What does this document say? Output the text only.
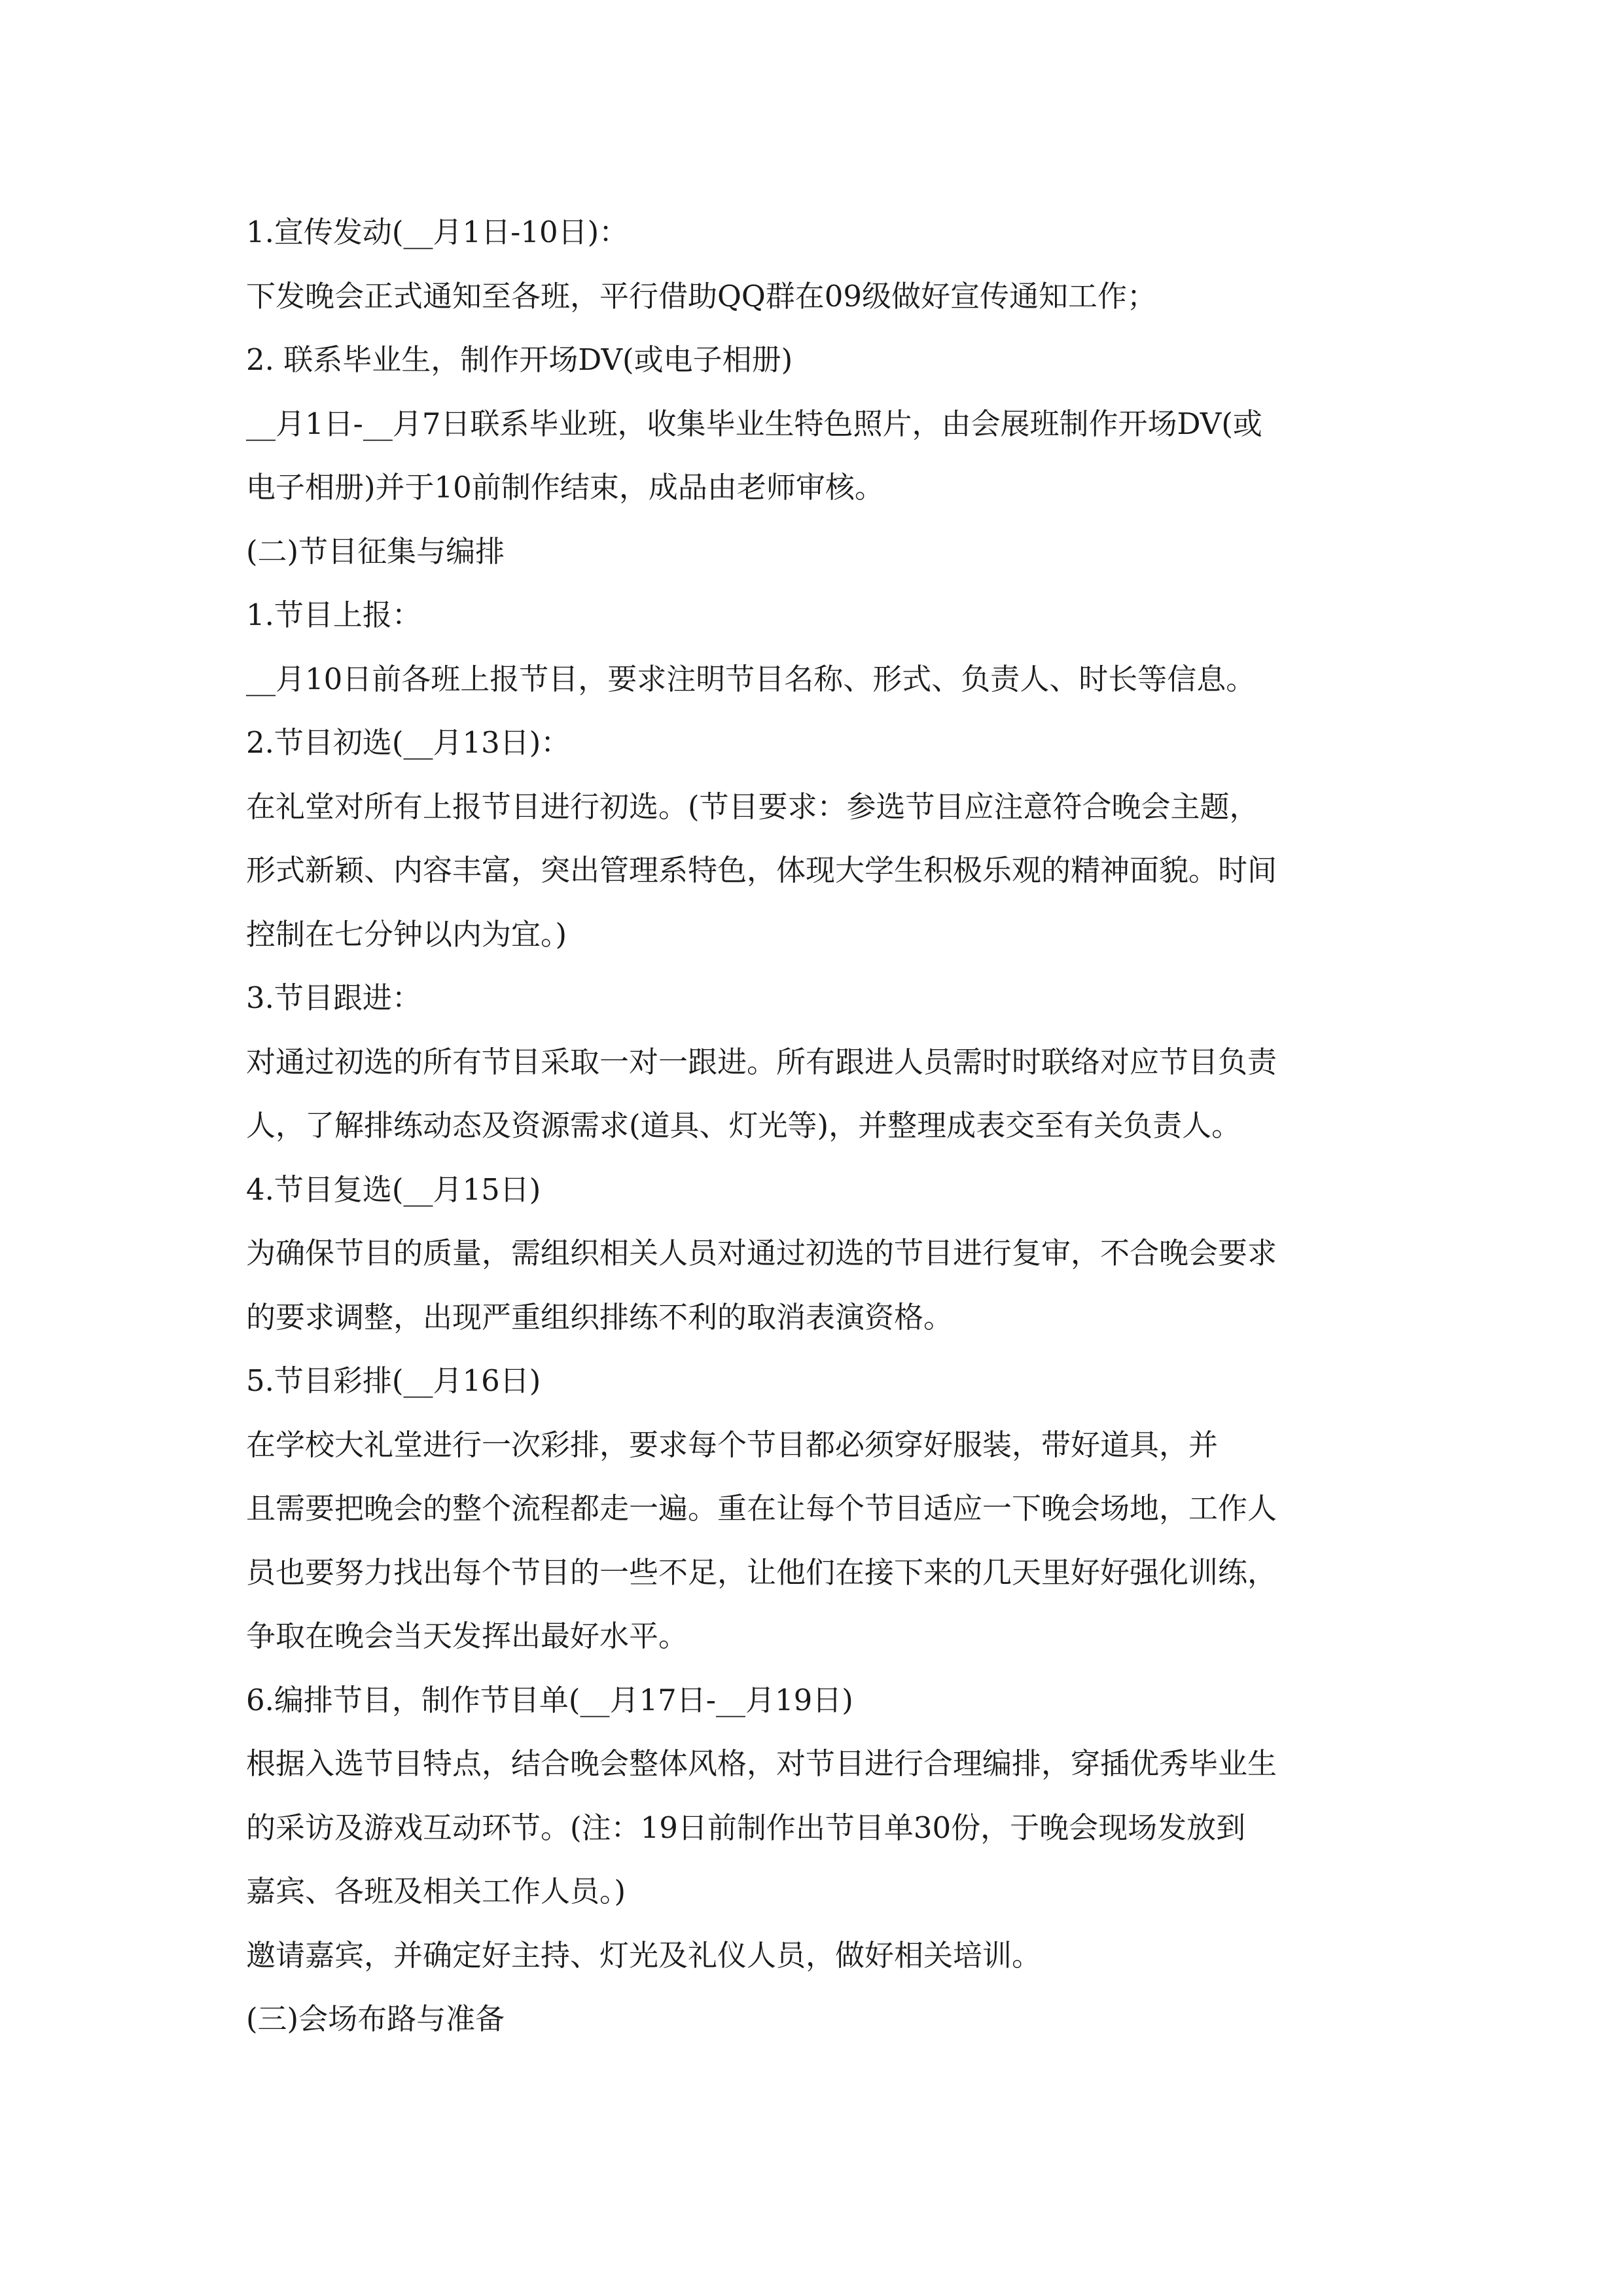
1.宣传发动(__月1日-10日)：
下发晚会正式通知至各班，平行借助QQ群在09级做好宣传通知工作；
2. 联系毕业生，制作开场DV(或电子相册)
__月1日-__月7日联系毕业班，收集毕业生特色照片，由会展班制作开场DV(或
电子相册)并于10前制作结束，成品由老师审核。
(二)节目征集与编排
1.节目上报：
__月10日前各班上报节目，要求注明节目名称、形式、负责人、时长等信息。
2.节目初选(__月13日)：
在礼堂对所有上报节目进行初选。(节目要求：参选节目应注意符合晚会主题，
形式新颖、内容丰富，突出管理系特色，体现大学生积极乐观的精神面貌。时间
控制在七分钟以内为宜。)
3.节目跟进：
对通过初选的所有节目采取一对一跟进。所有跟进人员需时时联络对应节目负责
人，了解排练动态及资源需求(道具、灯光等)，并整理成表交至有关负责人。
4.节目复选(__月15日)
为确保节目的质量，需组织相关人员对通过初选的节目进行复审，不合晚会要求
的要求调整，出现严重组织排练不利的取消表演资格。
5.节目彩排(__月16日)
在学校大礼堂进行一次彩排，要求每个节目都必须穿好服装，带好道具，并
且需要把晚会的整个流程都走一遍。重在让每个节目适应一下晚会场地，工作人
员也要努力找出每个节目的一些不足，让他们在接下来的几天里好好强化训练，
争取在晚会当天发挥出最好水平。
6.编排节目，制作节目单(__月17日-__月19日)
根据入选节目特点，结合晚会整体风格，对节目进行合理编排，穿插优秀毕业生
的采访及游戏互动环节。(注：19日前制作出节目单30份，于晚会现场发放到
嘉宾、各班及相关工作人员。)
邀请嘉宾，并确定好主持、灯光及礼仪人员，做好相关培训。
(三)会场布路与准备
